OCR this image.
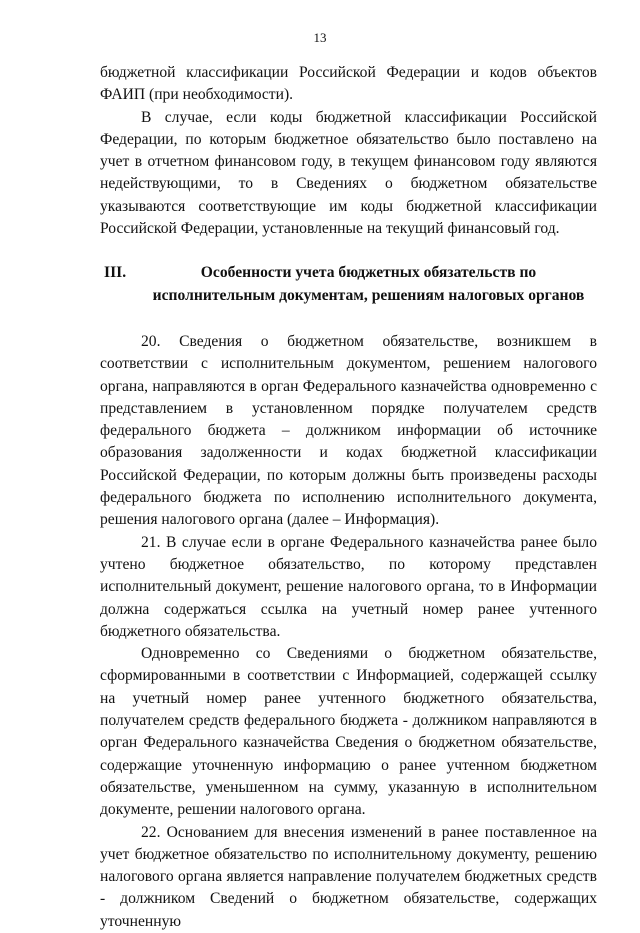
13

бюджетной классификации Российской Федерации и кодов объектов ФАИП (при необходимости).

В случае, если коды бюджетной классификации Российской Федерации, по которым бюджетное обязательство было поставлено на учет в отчетном финансовом году, в текущем финансовом году являются недействующими, то в Сведениях о бюджетном обязательстве указываются соответствующие им коды бюджетной классификации Российской Федерации, установленные на текущий финансовый год.

III.	Особенности учета бюджетных обязательств по исполнительным документам, решениям налоговых органов

20. Сведения о бюджетном обязательстве, возникшем в соответствии с исполнительным документом, решением налогового органа, направляются в орган Федерального казначейства одновременно с представлением в установленном порядке получателем средств федерального бюджета – должником информации об источнике образования задолженности и кодах бюджетной классификации Российской Федерации, по которым должны быть произведены расходы федерального бюджета по исполнению исполнительного документа, решения налогового органа (далее – Информация).

21. В случае если в органе Федерального казначейства ранее было учтено бюджетное обязательство, по которому представлен исполнительный документ, решение налогового органа, то в Информации должна содержаться ссылка на учетный номер ранее учтенного бюджетного обязательства.

Одновременно со Сведениями о бюджетном обязательстве, сформированными в соответствии с Информацией, содержащей ссылку на учетный номер ранее учтенного бюджетного обязательства, получателем средств федерального бюджета - должником направляются в орган Федерального казначейства Сведения о бюджетном обязательстве, содержащие уточненную информацию о ранее учтенном бюджетном обязательстве, уменьшенном на сумму, указанную в исполнительном документе, решении налогового органа.

22. Основанием для внесения изменений в ранее поставленное на учет бюджетное обязательство по исполнительному документу, решению налогового органа является направление получателем бюджетных средств - должником Сведений о бюджетном обязательстве, содержащих уточненную
